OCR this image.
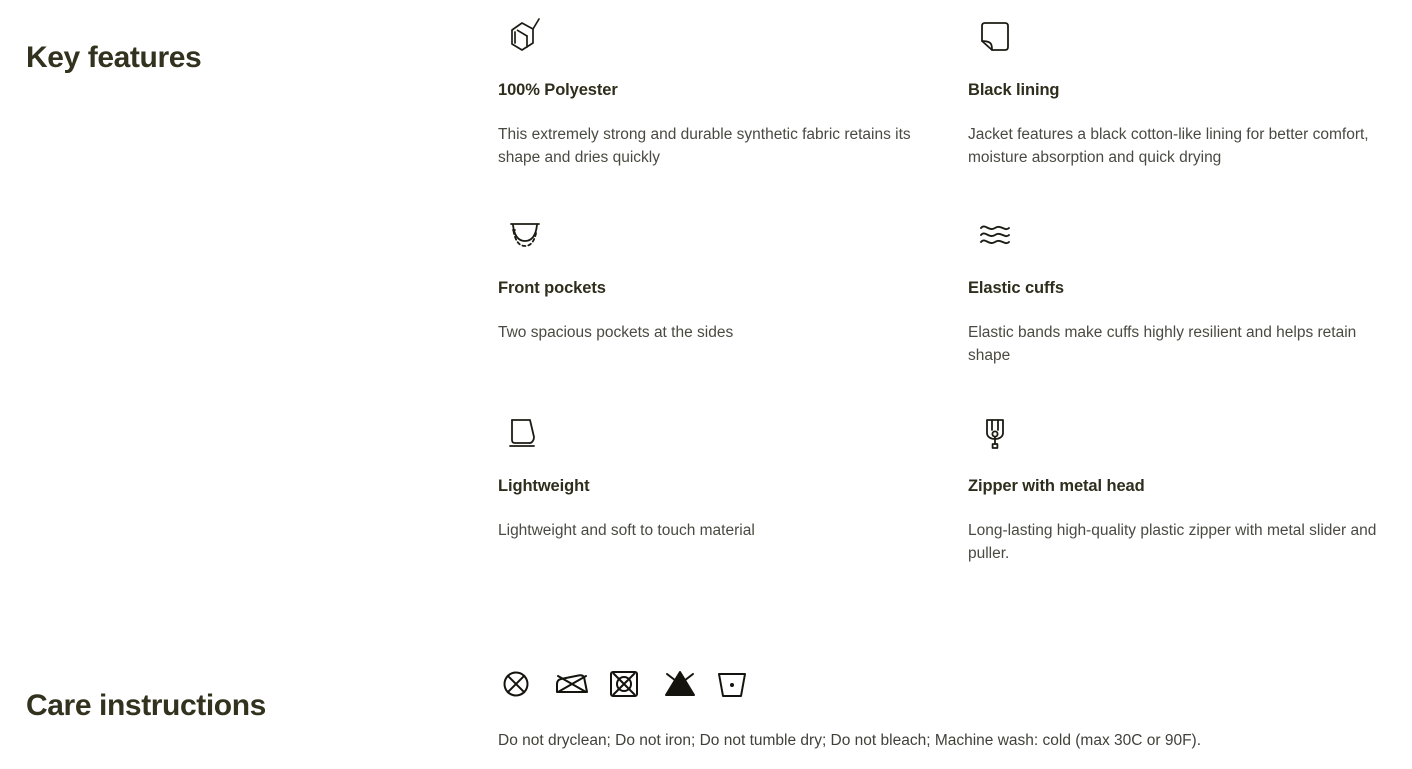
Key features
100% Polyester
This extremely strong and durable synthetic fabric retains its shape and dries quickly
Black lining
Jacket features a black cotton-like lining for better comfort, moisture absorption and quick drying
Front pockets
Two spacious pockets at the sides
Elastic cuffs
Elastic bands make cuffs highly resilient and helps retain shape
Lightweight
Lightweight and soft to touch material
Zipper with metal head
Long-lasting high-quality plastic zipper with metal slider and puller.
Care instructions
Do not dryclean; Do not iron; Do not tumble dry; Do not bleach; Machine wash: cold (max 30C or 90F).
